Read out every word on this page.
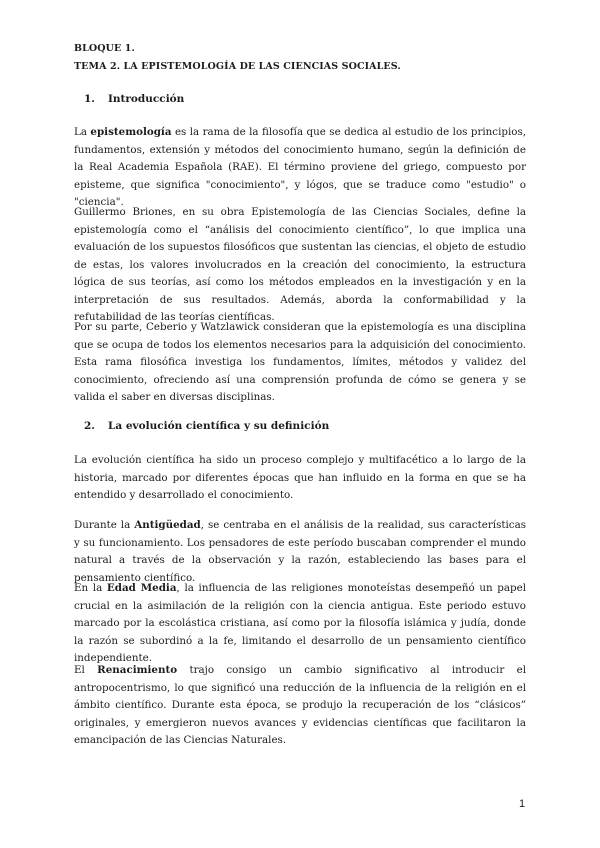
BLOQUE 1.
TEMA 2. LA EPISTEMOLOGÍA DE LAS CIENCIAS SOCIALES.
1. Introducción

La epistemología es la rama de la filosofía que se dedica al estudio de los principios, fundamentos, extensión y métodos del conocimiento humano, según la definición de la Real Academia Española (RAE). El término proviene del griego, compuesto por episteme, que significa "conocimiento", y lógos, que se traduce como "estudio" o "ciencia".

Guillermo Briones, en su obra Epistemología de las Ciencias Sociales, define la epistemología como el “análisis del conocimiento científico”, lo que implica una evaluación de los supuestos filosóficos que sustentan las ciencias, el objeto de estudio de estas, los valores involucrados en la creación del conocimiento, la estructura lógica de sus teorías, así como los métodos empleados en la investigación y en la interpretación de sus resultados. Además, aborda la conformabilidad y la refutabilidad de las teorías científicas.

Por su parte, Ceberio y Watzlawick consideran que la epistemología es una disciplina que se ocupa de todos los elementos necesarios para la adquisición del conocimiento. Esta rama filosófica investiga los fundamentos, límites, métodos y validez del conocimiento, ofreciendo así una comprensión profunda de cómo se genera y se valida el saber en diversas disciplinas.

2. La evolución científica y su definición

La evolución científica ha sido un proceso complejo y multifacético a lo largo de la historia, marcado por diferentes épocas que han influido en la forma en que se ha entendido y desarrollado el conocimiento.

Durante la Antigüedad, se centraba en el análisis de la realidad, sus características y su funcionamiento. Los pensadores de este período buscaban comprender el mundo natural a través de la observación y la razón, estableciendo las bases para el pensamiento científico.

En la Edad Media, la influencia de las religiones monoteístas desempeñó un papel crucial en la asimilación de la religión con la ciencia antigua. Este periodo estuvo marcado por la escolástica cristiana, así como por la filosofía islámica y judía, donde la razón se subordinó a la fe, limitando el desarrollo de un pensamiento científico independiente.

El Renacimiento trajo consigo un cambio significativo al introducir el antropocentrismo, lo que significó una reducción de la influencia de la religión en el ámbito científico. Durante esta época, se produjo la recuperación de los “clásicos” originales, y emergieron nuevos avances y evidencias científicas que facilitaron la emancipación de las Ciencias Naturales.

1
